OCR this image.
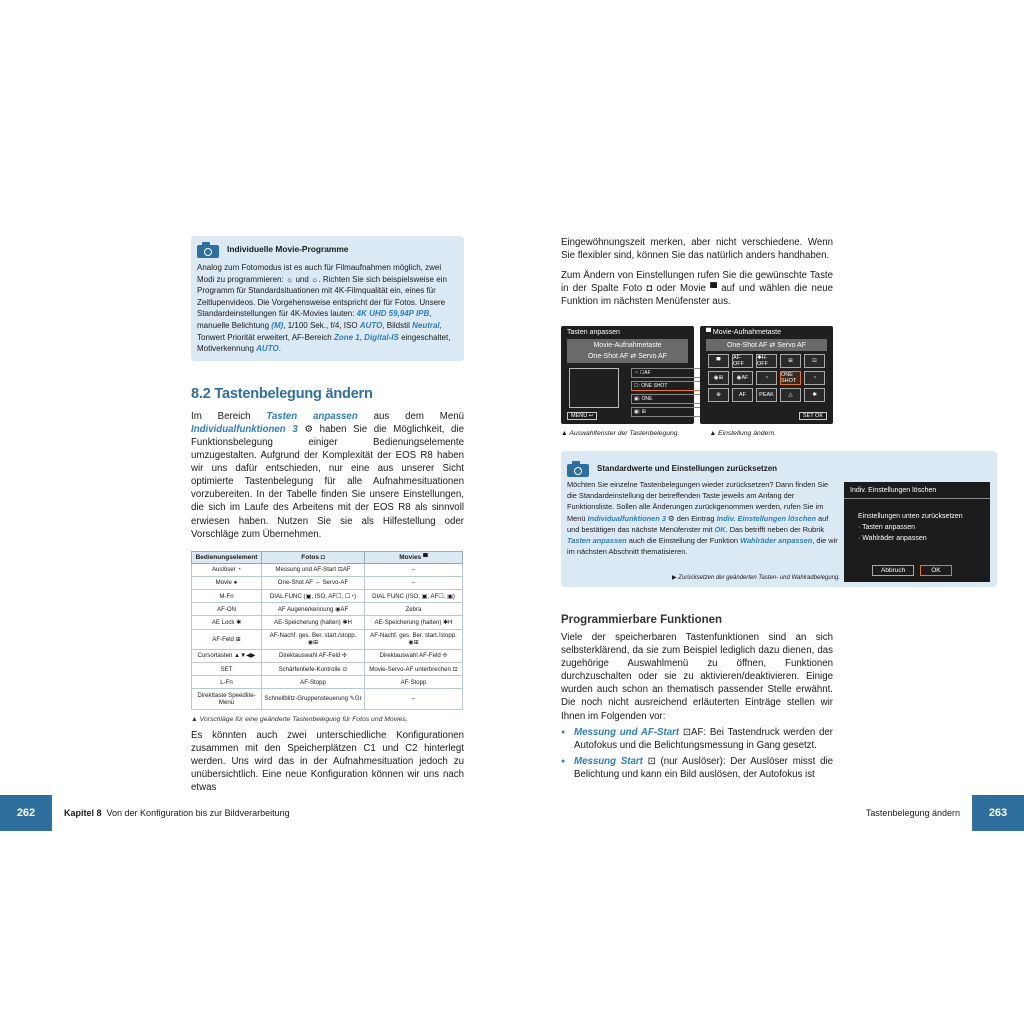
Individuelle Movie-Programme

Analog zum Fotomodus ist es auch für Filmaufnahmen möglich, zwei Modi zu programmieren: ☼ und ☼. Richten Sie sich beispielsweise ein Programm für Standardsituationen mit 4K-Filmqualität ein, eines für Zeitlupenvideos. Die Vorgehensweise entspricht der für Fotos. Unsere Standardeinstellungen für 4K-Movies lauten: 4K UHD 59,94P IPB, manuelle Belichtung (M), 1/100 Sek., f/4, ISO AUTO, Bildstil Neutral, Tonwert Priorität erweitert, AF-Bereich Zone 1, Digital-IS eingeschaltet, Motiverkennung AUTO.

8.2 Tastenbelegung ändern

Im Bereich Tasten anpassen aus dem Menü Individualfunktionen 3 ⚙ haben Sie die Möglichkeit, die Funktionsbelegung einiger Bedienungselemente umzugestalten. Aufgrund der Komplexität der EOS R8 haben wir uns dafür entschieden, nur eine aus unserer Sicht optimierte Tastenbelegung für alle Aufnahmesituationen vorzubereiten. In der Tabelle finden Sie unsere Einstellungen, die sich im Laufe des Arbeitens mit der EOS R8 als sinnvoll erwiesen haben. Nutzen Sie sie als Hilfestellung oder Vorschläge zum Übernehmen.

Bedienungselement	Fotos ◘	Movies ▀
Auslöser ◔	Messung und AF-Start ⊡AF	–
Movie ●	One-Shot AF ↔ Servo-AF	–
M-Fn	DIAL FUNC (▣, ISO, AF☐, ☐◔)	DIAL FUNC (ISO, ▣, AF☐, ▣)
AF-ON	AF Augenerkennung ◉AF	Zebra
AE Lock ✱	AE-Speicherung (halten) ✱H	AE-Speicherung (halten) ✱H
AF-Feld ⊞	AF-Nachf. ges. Ber. start./stopp. ◉⊞	AF-Nachf. ges. Ber. start./stopp. ◉⊞
Cursortasten ▲▼◀▶	Direktauswahl AF-Feld ✢	Direktauswahl AF-Feld ✢
SET	Schärfentiefe-Kontrolle ⊙	Movie-Servo-AF unterbrechen ⊡
L-Fn	AF-Stopp	AF-Stopp
Direkttaste Speedlite-Menü	Schnellblitz-Gruppensteuerung ✎Gr	–

▲ Vorschläge für eine geänderte Tastenbelegung für Fotos und Movies.

Es könnten auch zwei unterschiedliche Konfigurationen zusammen mit den Speicherplätzen C1 und C2 hinterlegt werden. Uns wird das in der Aufnahmesituation jedoch zu unübersichtlich. Eine neue Konfiguration können wir uns nach etwas

Eingewöhnungszeit merken, aber nicht verschiedene. Wenn Sie flexibler sind, können Sie das natürlich anders handhaben.

Zum Ändern von Einstellungen rufen Sie die gewünschte Taste in der Spalte Foto ◘ oder Movie ▀ auf und wählen die neue Funktion im nächsten Menüfenster aus.

Tasten anpassen
Movie-Aufnahmetaste
One-Shot AF ⇄ Servo AF
◔: ☐AF
☐: ONE SHOT
▣: ONE
▣: ⊞
MENU ↩
▀ Movie-Aufnahmetaste
One-Shot AF ⇄ Servo AF
▀	AF-OFF
✱H-OFF	⊞	⊡
◉⊞	◉AF	◔	ONE SHOT	◔
⊕	AF	PEAK	△	✱
SET OK
▲ Auswahlfenster der Tastenbelegung.	▲ Einstellung ändern.
Standardwerte und Einstellungen zurücksetzen

Möchten Sie einzelne Tastenbelegungen wieder zurücksetzen? Dann finden Sie die Standardeinstellung der betreffenden Taste jeweils am Anfang der Funktionsliste. Sollen alle Änderungen zurückgenommen werden, rufen Sie im Menü Individualfunktionen 3 ⚙ den Eintrag Indiv. Einstellungen löschen auf und bestätigen das nächste Menüfenster mit OK. Das betrifft neben der Rubrik Tasten anpassen auch die Einstellung der Funktion Wahlräder anpassen, die wir im nächsten Abschnitt thematisieren.

Indiv. Einstellungen löschen
Einstellungen unten zurücksetzen
· Tasten anpassen
· Wahlräder anpassen
Abbruch	OK
▶ Zurücksetzen der geänderten Tasten- und Wahlradbelegung.
Programmierbare Funktionen

Viele der speicherbaren Tastenfunktionen sind an sich selbsterklärend, da sie zum Beispiel lediglich dazu dienen, das zugehörige Auswahlmenü zu öffnen, Funktionen durchzuschalten oder sie zu aktivieren/deaktivieren. Einige wurden auch schon an thematisch passender Stelle erwähnt. Die noch nicht ausreichend erläuterten Einträge stellen wir Ihnen im Folgenden vor:

● Messung und AF-Start ⊡AF: Bei Tastendruck werden der Autofokus und die Belichtungsmessung in Gang gesetzt.
● Messung Start ⊡ (nur Auslöser): Der Auslöser misst die Belichtung und kann ein Bild auslösen, der Autofokus ist
262	Kapitel 8
Von der Konfiguration bis zur Bildverarbeitung	Tastenbelegung ändern	263
